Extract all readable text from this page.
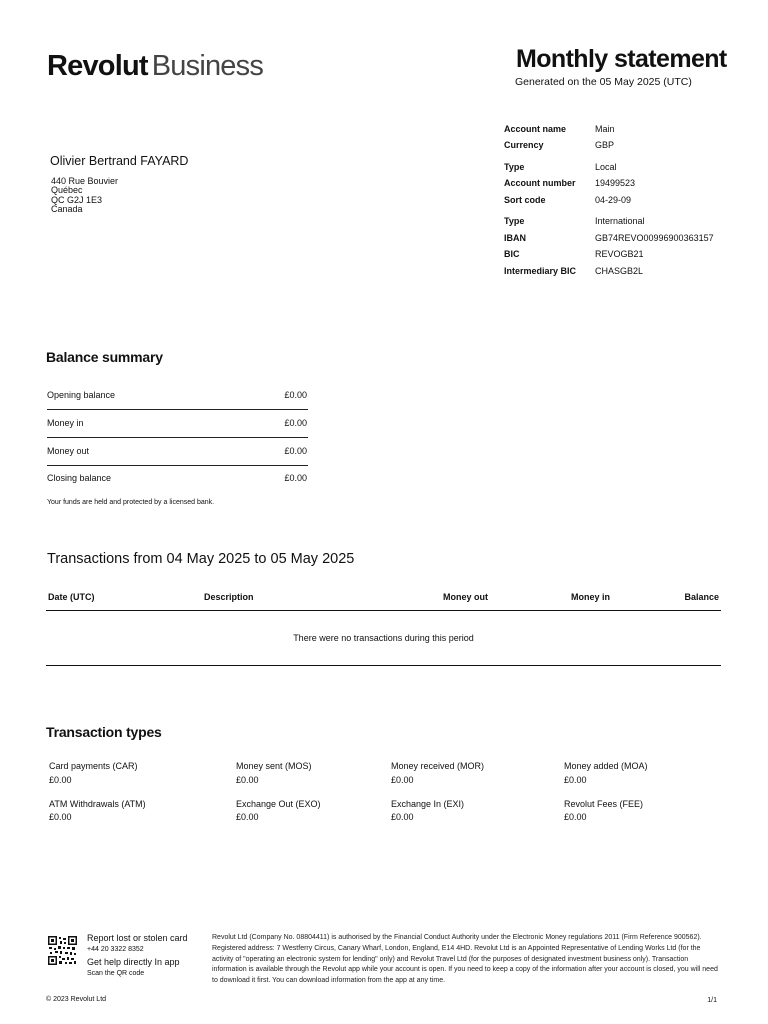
Revolut Business	Monthly statement
Generated on the 05 May 2025 (UTC)
Olivier Bertrand FAYARD
440 Rue Bouvier
Québec
QC G2J 1E3
Canada
Account name	Main
Currency	GBP
Type	Local
Account number 19499523
Sort code	04-29-09
Type	International
IBAN	GB74REVO00996900363157
BIC	REVOGB21
Intermediary BIC CHASGB2L
Balance summary
Opening balance	£0.00
Money in	£0.00
Money out	£0.00
Closing balance	£0.00
Your funds are held and protected by a licensed bank.
Transactions from 04 May 2025 to 05 May 2025
Date (UTC)	Description	Money out	Money in	Balance
There were no transactions during this period
Transaction types
Card payments (CAR)
£0.00
Money sent (MOS)
£0.00
Money received (MOR)
£0.00
Money added (MOA)
£0.00
ATM Withdrawals (ATM)
£0.00
Exchange Out (EXO)
£0.00
Exchange In (EXI)
£0.00
Revolut Fees (FEE)
£0.00
Report lost or stolen card
+44 20 3322 8352
Get help directly In app
Scan the QR code
Revolut Ltd (Company No. 08804411) is authorised by the Financial Conduct Authority under the Electronic Money regulations 2011 (Firm Reference 900562). Registered address: 7 Westferry Circus, Canary Wharf, London, England, E14 4HD. Revolut Ltd is an Appointed Representative of Lending Works Ltd (for the activity of "operating an electronic system for lending" only) and Revolut Travel Ltd (for the purposes of designated investment business only). Transaction information is available through the Revolut app while your account is open. If you need to keep a copy of the information after your account is closed, you will need to download it first. You can download information from the app at any time.
© 2023 Revolut Ltd	1/1
